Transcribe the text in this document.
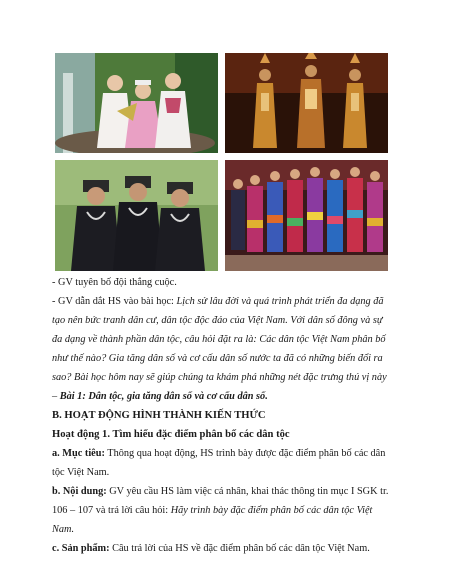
- GV tuyên bố đội thắng cuộc.

- GV dẫn dắt HS vào bài học: Lịch sử lâu đời và quá trình phát triển đa dạng đã tạo nên bức tranh dân cư, dân tộc độc đáo của Việt Nam. Với dân số đông và sự đa dạng về thành phần dân tộc, câu hỏi đặt ra là: Các dân tộc Việt Nam phân bố như thế nào? Gia tăng dân số và cơ cấu dân số nước ta đã có những biến đổi ra sao? Bài học hôm nay sẽ giúp chúng ta khám phá những nét đặc trưng thú vị này – Bài 1: Dân tộc, gia tăng dân số và cơ cấu dân số.

B. HOẠT ĐỘNG HÌNH THÀNH KIẾN THỨC

Hoạt động 1. Tìm hiểu đặc điểm phân bố các dân tộc

a. Mục tiêu: Thông qua hoạt động, HS trình bày được đặc điểm phân bố các dân tộc Việt Nam.

b. Nội dung: GV yêu cầu HS làm việc cá nhân, khai thác thông tin mục I SGK tr. 106 – 107 và trả lời câu hỏi: Hãy trình bày đặc điểm phân bố các dân tộc Việt Nam.

c. Sản phẩm: Câu trả lời của HS về đặc điểm phân bố các dân tộc Việt Nam.
